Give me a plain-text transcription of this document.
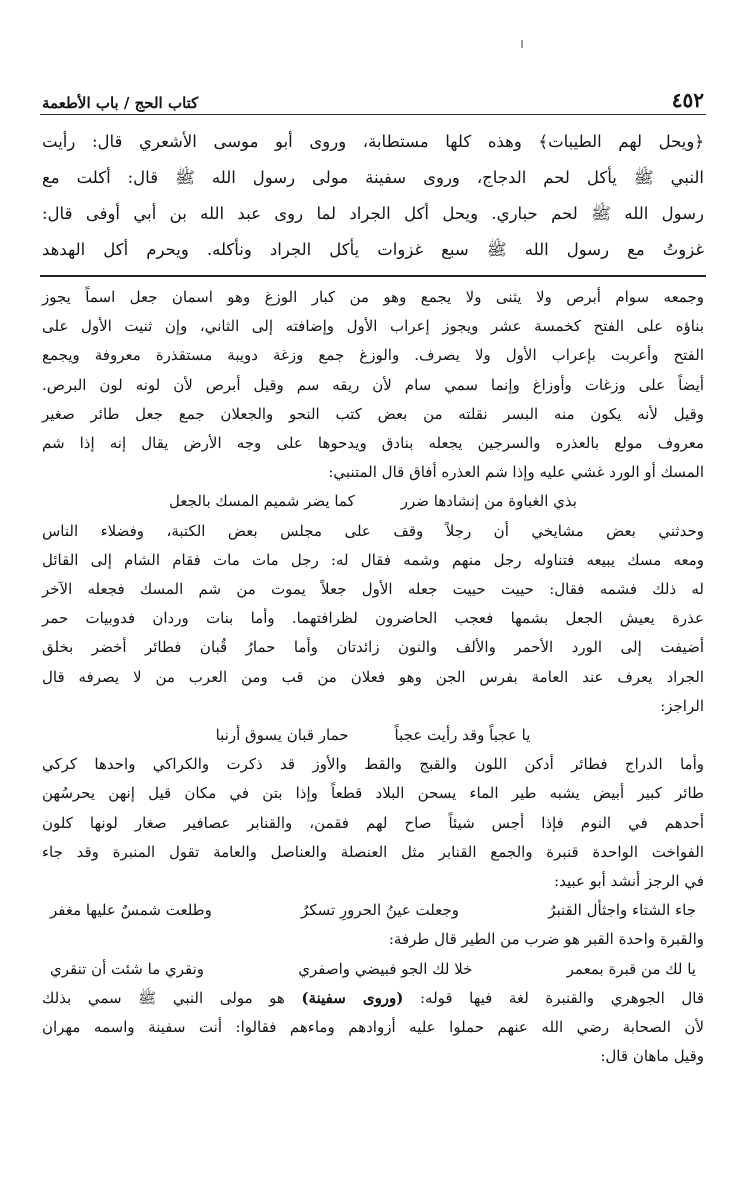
٤٥٢
كتاب الحج / باب الأطعمة

﴿ويحل لهم الطيبات﴾ وهذه كلها مستطابة، وروى أبو موسى الأشعري قال: رأيت

النبي ﷺ يأكل لحم الدجاج، وروى سفينة مولى رسول الله ﷺ قال: أكلت مع

رسول الله ﷺ لحم حباري. ويحل أكل الجراد لما روى عبد الله بن أبي أوفى قال:

غزوتُ مع رسول الله ﷺ سبع غزوات يأكل الجراد ونأكله. ويحرم أكل الهدهد

وجمعه سوام أبرص ولا يثنى ولا يجمع وهو من كبار الوزغ وهو اسمان جعل اسماً يجوز

بناؤه على الفتح كخمسة عشر ويجوز إعراب الأول وإضافته إلى الثاني، وإن ثنيت الأول على

الفتح وأعربت بإعراب الأول ولا يصرف. والوزغ جمع وزغة دويبة مستقذرة معروفة ويجمع

أيضاً على وزغات وأوزاغ وإنما سمي سام لأن ريقه سم وقيل أبرص لأن لونه لون البرص.

وقيل لأنه يكون منه البسر نقلته من بعض كتب النحو والجعلان جمع جعل طائر صغير

معروف مولع بالعذره والسرجين يجعله بنادق ويدحوها على وجه الأرض يقال إنه إذا شم

المسك أو الورد غشي عليه وإذا شم العذره أفاق قال المتنبي:

بذي الغباوة من إنشادها ضرر
كما يضر شميم المسك بالجعل

وحدثني بعض مشايخي أن رجلاً وقف على مجلس بعض الكتبة، وفضلاء الناس

ومعه مسك يبيعه فتناوله رجل منهم وشمه فقال له: رجل مات مات فقام الشام إلى القائل

له ذلك فشمه فقال: حييت حييت جعله الأول جعلاً يموت من شم المسك فجعله الآخر

عذرة يعيش الجعل بشمها فعجب الحاضرون لظرافتهما. وأما بنات وردان فدوبيات حمر

أضيفت إلى الورد الأحمر والألف والنون زائدتان وأما حمارُ قُبان فطائر أخضر بخلق

الجراد يعرف عند العامة بفرس الجن وهو فعلان من قب ومن العرب من لا يصرفه قال

الراجز:

يا عجباً وقد رأيت عجباً
حمار قبان يسوق أرنبا

وأما الدراج فطائر أدكن اللون والقبج والقط والأوز قد ذكرت والكراكي واحدها كركي

طائر كبير أبيض يشبه طير الماء يسحن البلاد قطعاً وإذا بتن في مكان قيل إنهن يحرسُهن

أحدهم في النوم فإذا أجس شيئاً صاح لهم فقمن، والقنابر عصافير صغار لونها كلون

الفواخت الواحدة قنبرة والجمع القنابر مثل العنصلة والعناصل والعامة تقول المنبرة وقد جاء

في الرجز أنشد أبو عبيد:

جاء الشتاء واجثأل القنبرُ
وجعلت عينُ الحرورِ تسكرُ
وطلعت شمسٌ عليها مغفر

والقبرة واحدة القبر هو ضرب من الطير قال طرفة:

يا لك من قبرة بمعمر
خلا لك الجو فبيضي واصفري
ونقري ما شئت أن تنقري

قال الجوهري والقنبرة لغة فيها قوله: (وروى سفينة) هو مولى النبي ﷺ سمي بذلك

لأن الصحابة رضي الله عنهم حملوا عليه أزوادهم وماءهم فقالوا: أنت سفينة واسمه مهران

وقيل ماهان قال:
